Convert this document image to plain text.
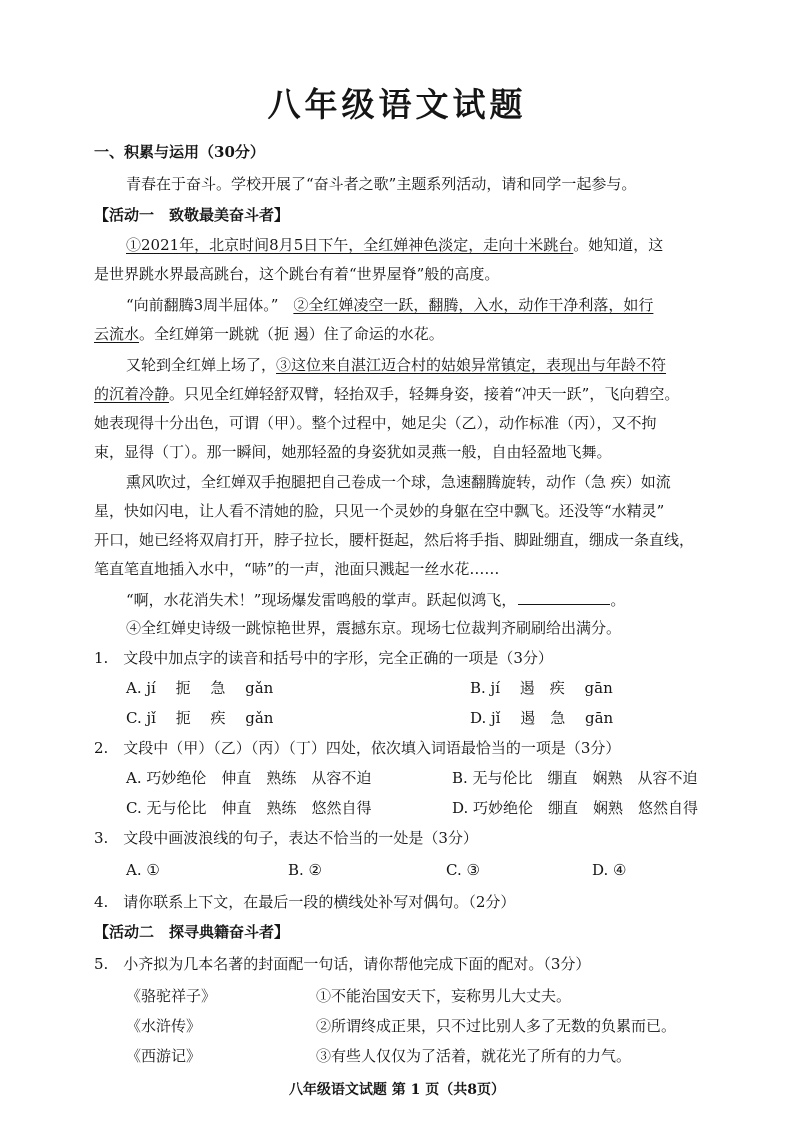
八年级语文试题
一、积累与运用（30分）
青春在于奋斗。学校开展了“奋斗者之歌”主题系列活动，请和同学一起参与。
【活动一　致敬最美奋斗者】
①2021年，北京时间8月5日下午，全红婵神色淡定，走向十米跳台。她知道，这
是世界跳水界最高跳台，这个跳台有着“世界屋脊”般的高度。
“向前翻腾3周半屈体。”　②全红婵凌空一跃，翻腾，入水，动作干净利落，如行
云流水。全红婵第一跳就（扼 遏）住了命运的水花。
又轮到全红婵上场了，③这位来自湛江迈合村的姑娘异常镇定，表现出与年龄不符
的沉着冷静。只见全红婵轻舒双臂，轻抬双手，轻舞身姿，接着“冲天一跃”，飞向碧空。
她表现得十分出色，可谓（甲）。整个过程中，她足尖（乙），动作标准（丙），又不拘
束，显得（丁）。那一瞬间，她那轻盈的身姿犹如灵燕一般，自由轻盈地飞舞。
熏风吹过，全红婵双手抱腿把自己卷成一个球，急速翻腾旋转，动作（急 疾）如流
星，快如闪电，让人看不清她的脸，只见一个灵妙的身躯在空中飘飞。还没等“水精灵”
开口，她已经将双肩打开，脖子拉长，腰杆挺起，然后将手指、脚趾绷直，绷成一条直线，
笔直笔直地插入水中，“哧”的一声，池面只溅起一丝水花……
“啊，水花消失术！”现场爆发雷鸣般的掌声。跃起似鸿飞，	。
④全红婵史诗级一跳惊艳世界，震撼东京。现场七位裁判齐刷刷给出满分。
1.　文段中加点字的读音和括号中的字形，完全正确的一项是（3分）
A. jí　 扼　 急　 gǎn	B. jí　 遏　疾　 gān
C. jǐ　 扼　 疾　 gǎn	D. jǐ　 遏　急　 gān
2.　文段中（甲）（乙）（丙）（丁）四处，依次填入词语最恰当的一项是（3分）
A. 巧妙绝伦　伸直　熟练　从容不迫	B. 无与伦比　绷直　娴熟　从容不迫
C. 无与伦比　伸直　熟练　悠然自得	D. 巧妙绝伦　绷直　娴熟　悠然自得
3.　文段中画波浪线的句子，表达不恰当的一处是（3分）
A. ①	B. ②	C. ③	D. ④
4.　请你联系上下文，在最后一段的横线处补写对偶句。（2分）
【活动二　探寻典籍奋斗者】
5.　小齐拟为几本名著的封面配一句话，请你帮他完成下面的配对。（3分）
《骆驼祥子》	①不能治国安天下，妄称男儿大丈夫。
《水浒传》	②所谓终成正果，只不过比别人多了无数的负累而已。
《西游记》	③有些人仅仅为了活着，就花光了所有的力气。
八年级语文试题 第 1 页（共8页）
